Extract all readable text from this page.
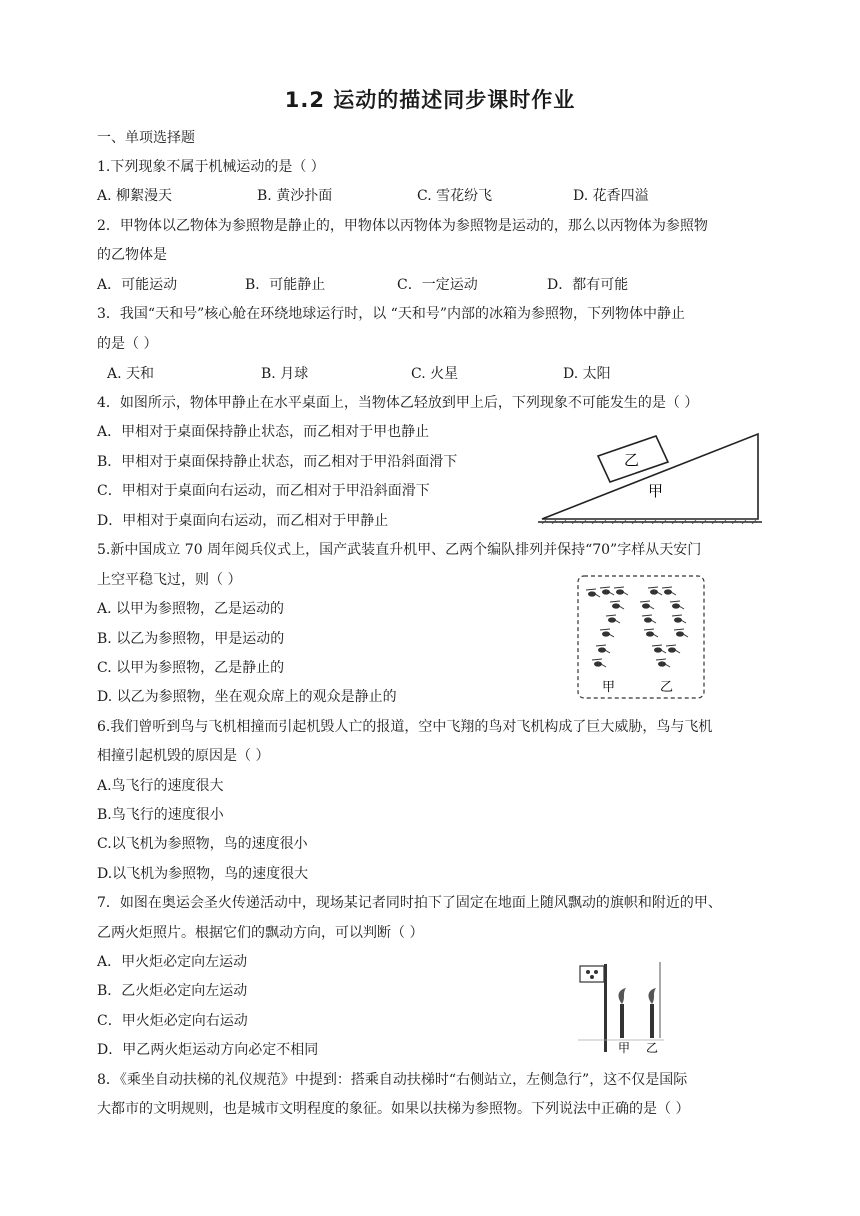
1.2 运动的描述同步课时作业
一、单项选择题
1.下列现象不属于机械运动的是（ ）
A. 柳絮漫天	B. 黄沙扑面	C. 雪花纷飞	D. 花香四溢
2．甲物体以乙物体为参照物是静止的，甲物体以丙物体为参照物是运动的，那么以丙物体为参照物
的乙物体是
A．可能运动	B．可能静止	C．一定运动	D．都有可能
3．我国“天和号”核心舱在环绕地球运行时，以 “天和号”内部的冰箱为参照物，下列物体中静止
的是（ ）
A. 天和	B. 月球	C. 火星	D. 太阳
4．如图所示，物体甲静止在水平桌面上，当物体乙轻放到甲上后，下列现象不可能发生的是（ ）
A．甲相对于桌面保持静止状态，而乙相对于甲也静止
B．甲相对于桌面保持静止状态，而乙相对于甲沿斜面滑下
C．甲相对于桌面向右运动，而乙相对于甲沿斜面滑下
D．甲相对于桌面向右运动，而乙相对于甲静止
乙
甲
5.新中国成立 70 周年阅兵仪式上，国产武装直升机甲、乙两个编队排列并保持“70”字样从天安门
上空平稳飞过，则（ ）
A. 以甲为参照物，乙是运动的
B. 以乙为参照物，甲是运动的
C. 以甲为参照物，乙是静止的
D. 以乙为参照物，坐在观众席上的观众是静止的
甲	乙
6.我们曾听到鸟与飞机相撞而引起机毁人亡的报道，空中飞翔的鸟对飞机构成了巨大威胁，鸟与飞机
相撞引起机毁的原因是（ ）
A.鸟飞行的速度很大
B.鸟飞行的速度很小
C.以飞机为参照物，鸟的速度很小
D.以飞机为参照物，鸟的速度很大
7．如图在奥运会圣火传递活动中，现场某记者同时拍下了固定在地面上随风飘动的旗帜和附近的甲、
乙两火炬照片。根据它们的飘动方向，可以判断（ ）
A．甲火炬必定向左运动
B．乙火炬必定向左运动
C．甲火炬必定向右运动
D．甲乙两火炬运动方向必定不相同	甲 乙
8．《乘坐自动扶梯的礼仪规范》中提到：搭乘自动扶梯时“右侧站立，左侧急行”，这不仅是国际
大都市的文明规则，也是城市文明程度的象征。如果以扶梯为参照物。下列说法中正确的是（ ）
